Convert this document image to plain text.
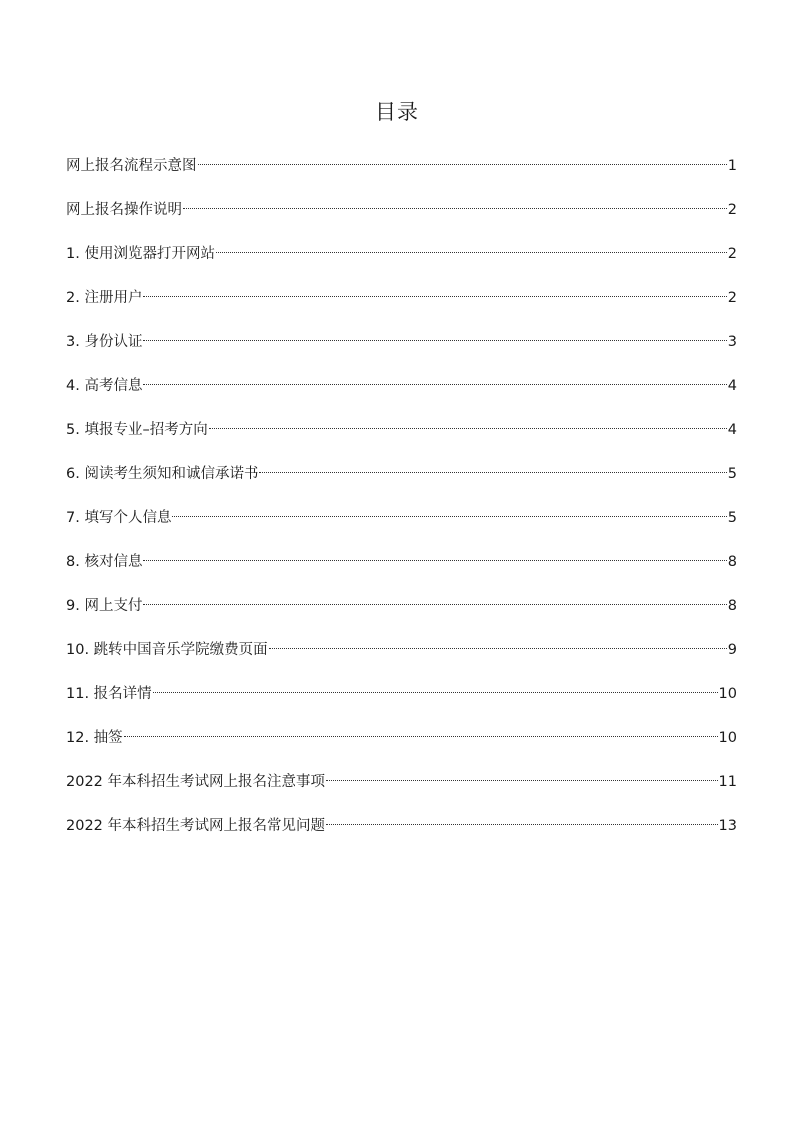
目录
网上报名流程示意图	1
网上报名操作说明	2
1. 使用浏览器打开网站	2
2. 注册用户	2
3. 身份认证	3
4. 高考信息	4
5. 填报专业–招考方向	4
6. 阅读考生须知和诚信承诺书	5
7. 填写个人信息	5
8. 核对信息	8
9. 网上支付	8
10. 跳转中国音乐学院缴费页面	9
11. 报名详情	10
12. 抽签	10
2022 年本科招生考试网上报名注意事项	11
2022 年本科招生考试网上报名常见问题	13
